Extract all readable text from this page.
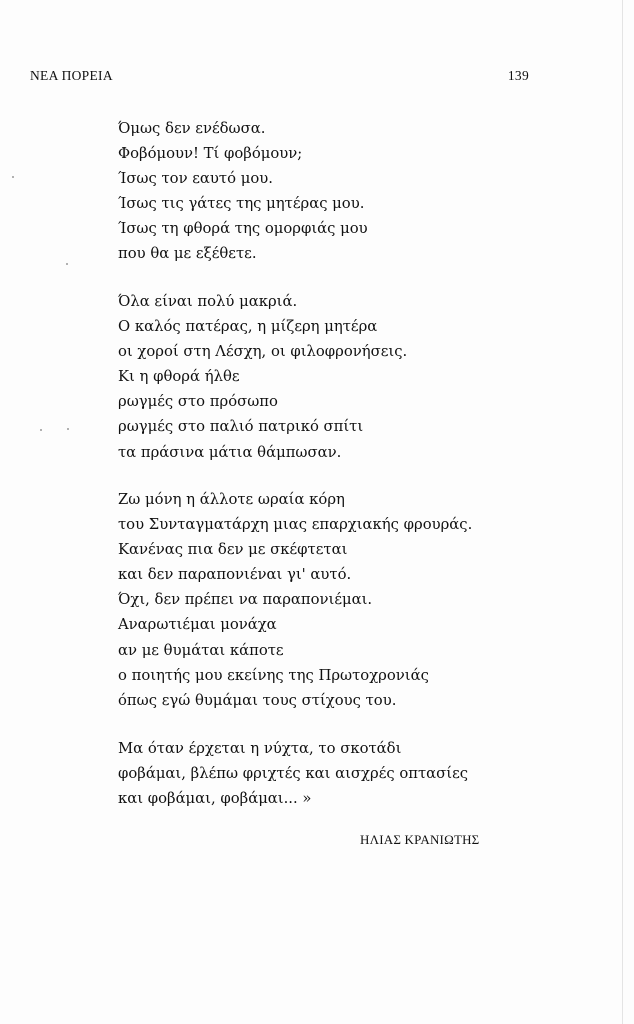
ΝΕΑ ΠΟΡΕΙΑ	139
Όμως δεν ενέδωσα.
Φοβόμουν! Τί φοβόμουν;
Ίσως τον εαυτό μου.
Ίσως τις γάτες της μητέρας μου.
Ίσως τη φθορά της ομορφιάς μου
που θα με εξέθετε.
Όλα είναι πολύ μακριά.
Ο καλός πατέρας, η μίζερη μητέρα
οι χοροί στη Λέσχη, οι φιλοφρονήσεις.
Κι η φθορά ήλθε
ρωγμές στο πρόσωπο
ρωγμές στο παλιό πατρικό σπίτι
τα πράσινα μάτια θάμπωσαν.
Ζω μόνη η άλλοτε ωραία κόρη
του Συνταγματάρχη μιας επαρχιακής φρουράς.
Κανένας πια δεν με σκέφτεται
και δεν παραπονιέναι γι' αυτό.
Όχι, δεν πρέπει να παραπονιέμαι.
Αναρωτιέμαι μονάχα
αν με θυμάται κάποτε
ο ποιητής μου εκείνης της Πρωτοχρονιάς
όπως εγώ θυμάμαι τους στίχους του.
Μα όταν έρχεται η νύχτα, το σκοτάδι
φοβάμαι, βλέπω φριχτές και αισχρές οπτασίες
και φοβάμαι, φοβάμαι... »
ΗΛΙΑΣ ΚΡΑΝΙΩΤΗΣ
